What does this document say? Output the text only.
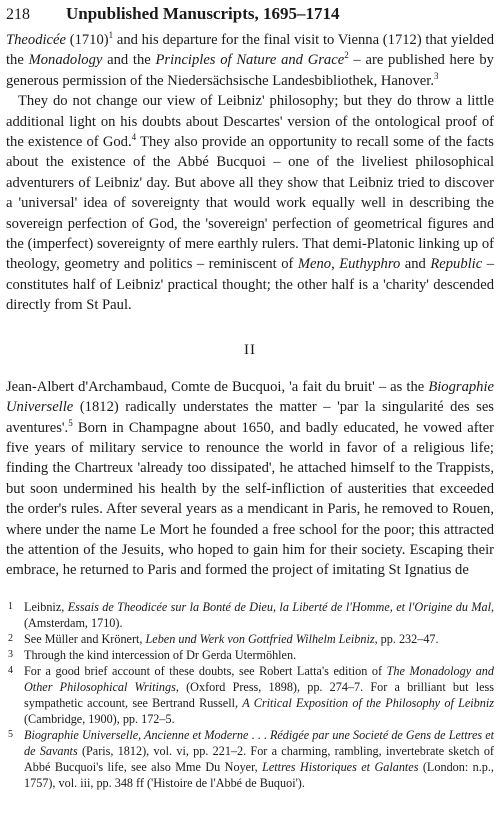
218	Unpublished Manuscripts, 1695–1714

Theodicée $(1710)^1$ and his departure for the final visit to Vienna (1712) that yielded the Monadology and the Principles of Nature and Grace$^2$ – are published here by generous permission of the Niedersächsische Landesbibliothek, Hanover.$^3$

They do not change our view of Leibniz' philosophy; but they do throw a little additional light on his doubts about Descartes' version of the ontological proof of the existence of God.$^4$ They also provide an opportunity to recall some of the facts about the existence of the Abbé Bucquoi – one of the liveliest philosophical adventurers of Leibniz' day. But above all they show that Leibniz tried to discover a 'universal' idea of sovereignty that would work equally well in describing the sovereign perfection of God, the 'sovereign' perfection of geometrical figures and the (imperfect) sovereignty of mere earthly rulers. That demi-Platonic linking up of theology, geometry and politics – reminiscent of Meno, Euthyphro and Republic – constitutes half of Leibniz' practical thought; the other half is a 'charity' descended directly from St Paul.

II

Jean-Albert d'Archambaud, Comte de Bucquoi, 'a fait du bruit' – as the Biographie Universelle (1812) radically understates the matter – 'par la singularité des ses aventures'.$^5$ Born in Champagne about 1650, and badly educated, he vowed after five years of military service to renounce the world in favor of a religious life; finding the Chartreux 'already too dissipated', he attached himself to the Trappists, but soon undermined his health by the self-infliction of austerities that exceeded the order's rules. After several years as a mendicant in Paris, he removed to Rouen, where under the name Le Mort he founded a free school for the poor; this attracted the attention of the Jesuits, who hoped to gain him for their society. Escaping their embrace, he returned to Paris and formed the project of imitating St Ignatius de

1 Leibniz, Essais de Theodicée sur la Bonté de Dieu, la Liberté de l'Homme, et l'Origine du Mal, (Amsterdam, 1710).
2 See Müller and Krönert, Leben und Werk von Gottfried Wilhelm Leibniz, pp. 232–47.
3 Through the kind intercession of Dr Gerda Utermöhlen.
4 For a good brief account of these doubts, see Robert Latta's edition of The Monadology and Other Philosophical Writings, (Oxford Press, 1898), pp. 274–7. For a brilliant but less sympathetic account, see Bertrand Russell, A Critical Exposition of the Philosophy of Leibniz (Cambridge, 1900), pp. 172–5.
5 Biographie Universelle, Ancienne et Moderne . . . Rédigée par une Societé de Gens de Lettres et de Savants (Paris, 1812), vol. vi, pp. 221–2. For a charming, rambling, invertebrate sketch of Abbé Bucquoi's life, see also Mme Du Noyer, Lettres Historiques et Galantes (London: n.p., 1757), vol. iii, pp. 348 ff ('Histoire de l'Abbé de Buquoi').
